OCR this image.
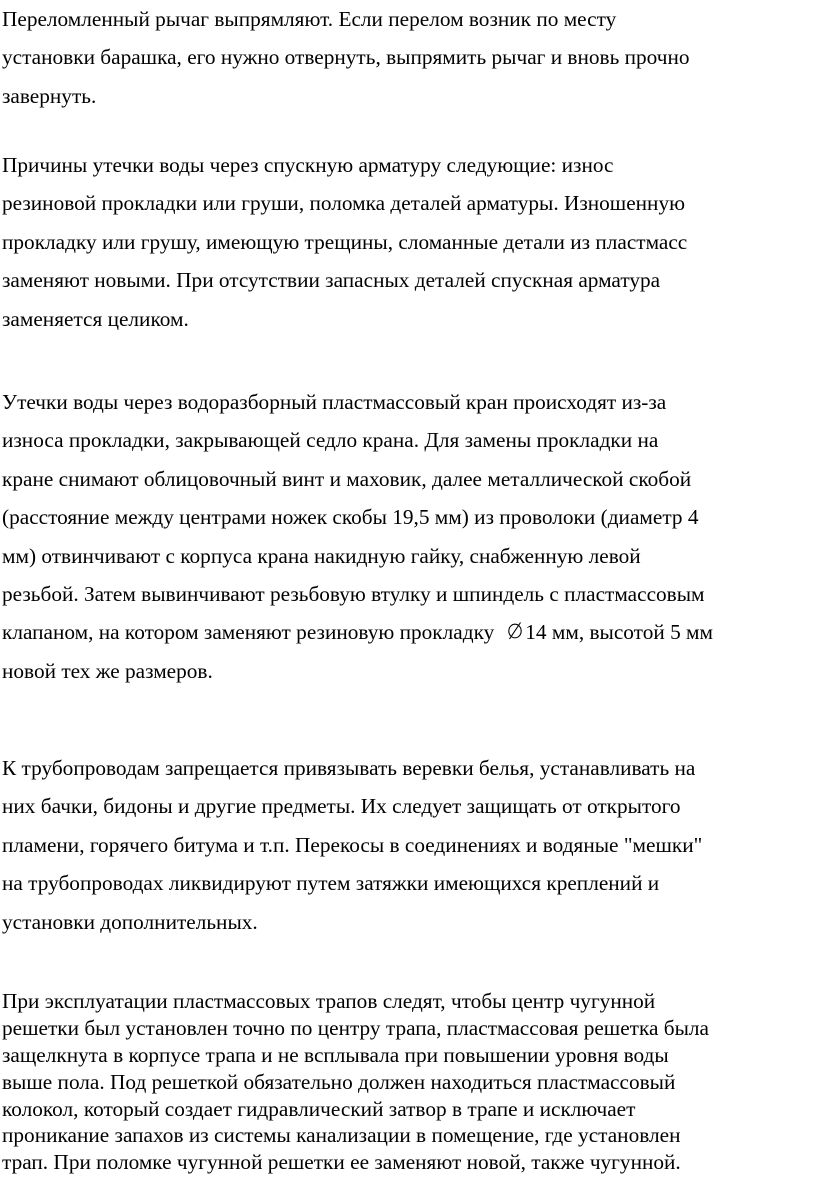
Переломленный рычаг выпрямляют. Если перелом возник по месту
установки барашка, его нужно отвернуть, выпрямить рычаг и вновь прочно
завернуть.
Причины утечки воды через спускную арматуру следующие: износ
резиновой прокладки или груши, поломка деталей арматуры. Изношенную
прокладку или грушу, имеющую трещины, сломанные детали из пластмасс
заменяют новыми. При отсутствии запасных деталей спускная арматура
заменяется целиком.
Утечки воды через водоразборный пластмассовый кран происходят из-за
износа прокладки, закрывающей седло крана. Для замены прокладки на
кране снимают облицовочный винт и маховик, далее металлической скобой
(расстояние между центрами ножек скобы 19,5 мм) из проволоки (диаметр 4
мм) отвинчивают с корпуса крана накидную гайку, снабженную левой
резьбой. Затем вывинчивают резьбовую втулку и шпиндель с пластмассовым
клапаном, на котором заменяют резиновую прокладку 14 мм, высотой 5 мм
новой тех же размеров.
К трубопроводам запрещается привязывать веревки белья, устанавливать на
них бачки, бидоны и другие предметы. Их следует защищать от открытого
пламени, горячего битума и т.п. Перекосы в соединениях и водяные "мешки"
на трубопроводах ликвидируют путем затяжки имеющихся креплений и
установки дополнительных.
При эксплуатации пластмассовых трапов следят, чтобы центр чугунной
решетки был установлен точно по центру трапа, пластмассовая решетка была
защелкнута в корпусе трапа и не всплывала при повышении уровня воды
выше пола. Под решеткой обязательно должен находиться пластмассовый
колокол, который создает гидравлический затвор в трапе и исключает
проникание запахов из системы канализации в помещение, где установлен
трап. При поломке чугунной решетки ее заменяют новой, также чугунной.
